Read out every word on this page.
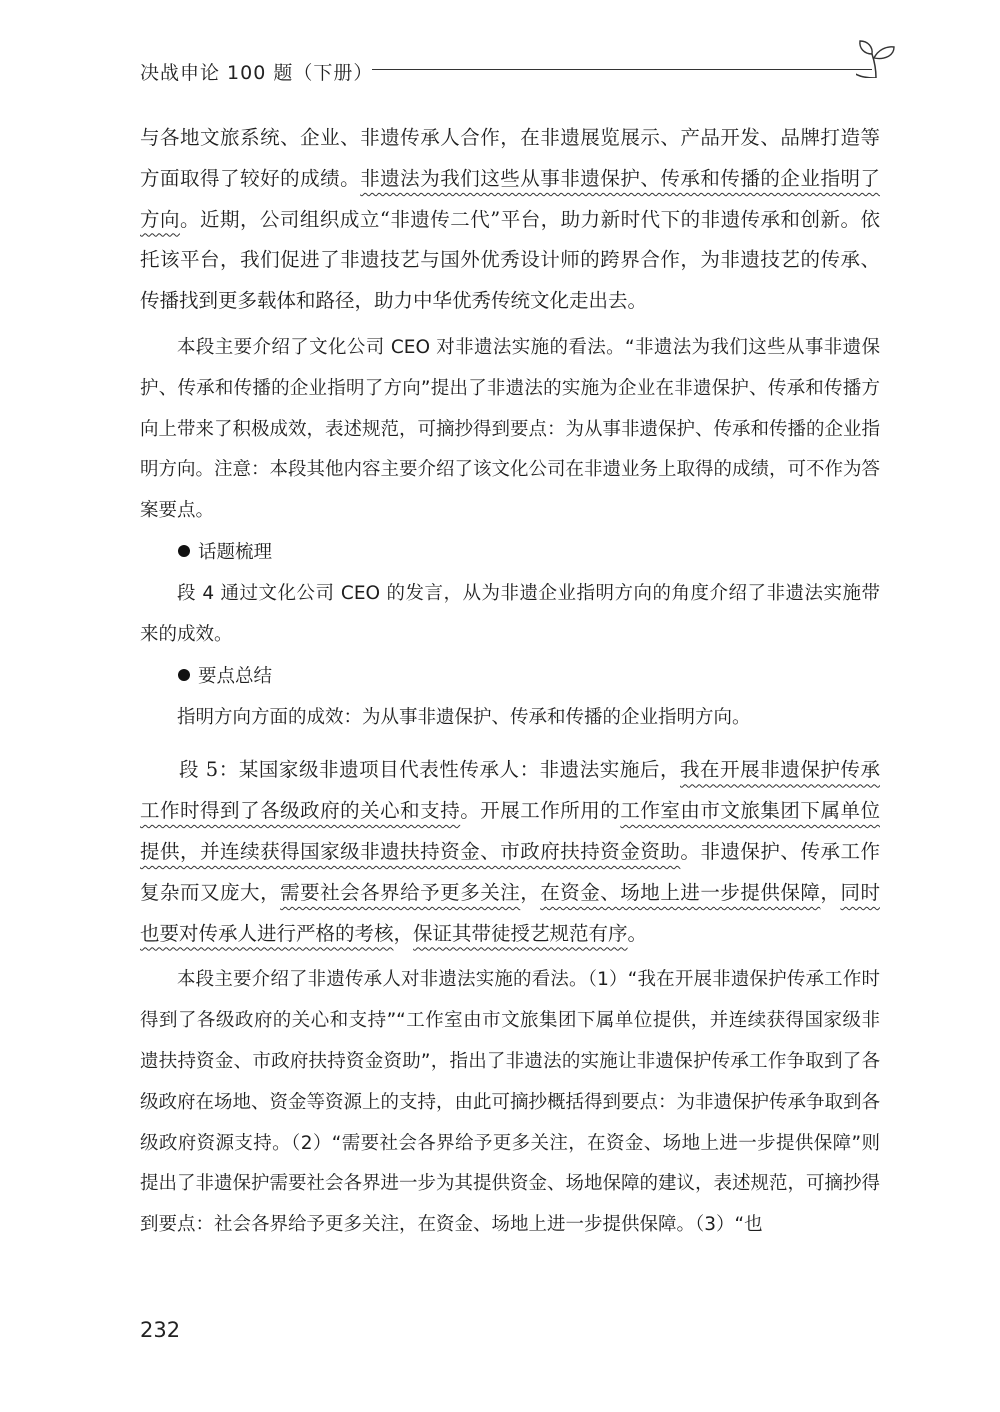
决战申论 100 题（下册）

与各地文旅系统、企业、非遗传承人合作，在非遗展览展示、产品开发、品牌打造等方面取得了较好的成绩。非遗法为我们这些从事非遗保护、传承和传播的企业指明了方向。近期，公司组织成立“非遗传二代”平台，助力新时代下的非遗传承和创新。依托该平台，我们促进了非遗技艺与国外优秀设计师的跨界合作，为非遗技艺的传承、传播找到更多载体和路径，助力中华优秀传统文化走出去。

本段主要介绍了文化公司 CEO 对非遗法实施的看法。“非遗法为我们这些从事非遗保护、传承和传播的企业指明了方向”提出了非遗法的实施为企业在非遗保护、传承和传播方向上带来了积极成效，表述规范，可摘抄得到要点：为从事非遗保护、传承和传播的企业指明方向。注意：本段其他内容主要介绍了该文化公司在非遗业务上取得的成绩，可不作为答案要点。

话题梳理

段 4 通过文化公司 CEO 的发言，从为非遗企业指明方向的角度介绍了非遗法实施带来的成效。

要点总结

指明方向方面的成效：为从事非遗保护、传承和传播的企业指明方向。

段 5：某国家级非遗项目代表性传承人：非遗法实施后，我在开展非遗保护传承工作时得到了各级政府的关心和支持。开展工作所用的工作室由市文旅集团下属单位提供，并连续获得国家级非遗扶持资金、市政府扶持资金资助。非遗保护、传承工作复杂而又庞大，需要社会各界给予更多关注，在资金、场地上进一步提供保障，同时也要对传承人进行严格的考核，保证其带徒授艺规范有序。

本段主要介绍了非遗传承人对非遗法实施的看法。（1）“我在开展非遗保护传承工作时得到了各级政府的关心和支持”“工作室由市文旅集团下属单位提供，并连续获得国家级非遗扶持资金、市政府扶持资金资助”，指出了非遗法的实施让非遗保护传承工作争取到了各级政府在场地、资金等资源上的支持，由此可摘抄概括得到要点：为非遗保护传承争取到各级政府资源支持。（2）“需要社会各界给予更多关注，在资金、场地上进一步提供保障”则提出了非遗保护需要社会各界进一步为其提供资金、场地保障的建议，表述规范，可摘抄得到要点：社会各界给予更多关注，在资金、场地上进一步提供保障。（3）“也

232
